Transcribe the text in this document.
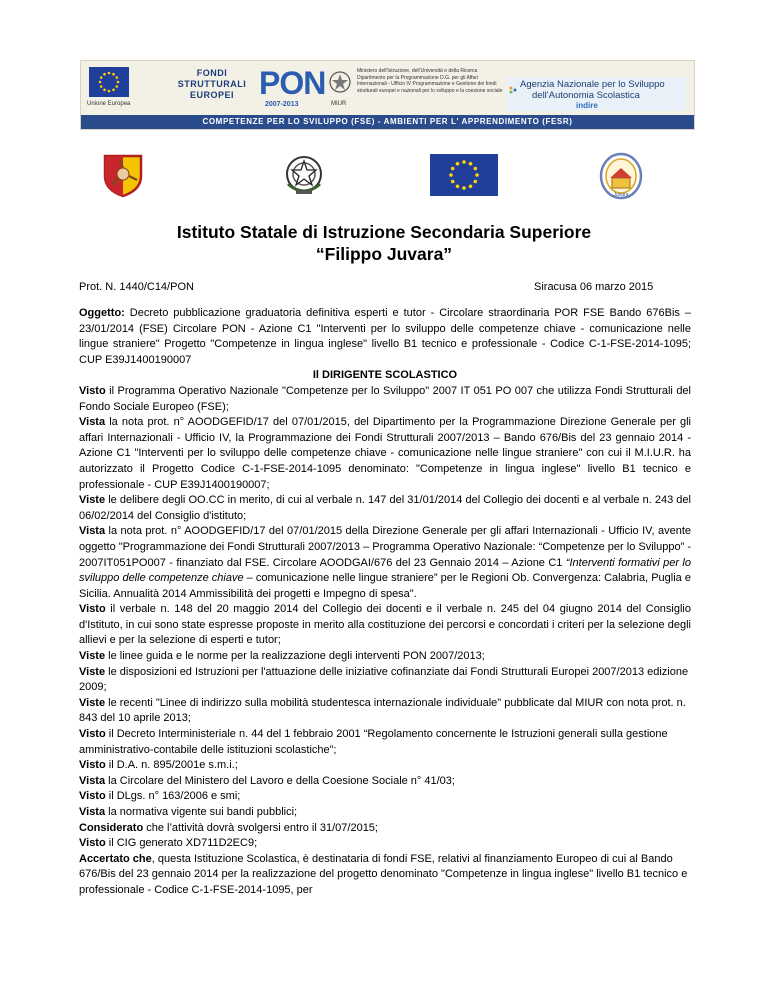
Unione Europea
FONDI
STRUTTURALI
EUROPEI PON
2007-2013	MIUR
Ministero dell'Istruzione, dell'Università e della Ricerca Dipartimento per la Programmazione D.G. per gli Affari Internazionali - Ufficio IV Programmazione e Gestione dei fondi strutturali europei e nazionali per lo sviluppo e la coesione sociale
Agenzia Nazionale per lo Sviluppo
dell'Autonomia Scolastica
indire
COMPETENZE PER LO SVILUPPO (FSE) - AMBIENTI PER L' APPRENDIMENTO (FESR)
Juvara
Istituto Statale di Istruzione Secondaria Superiore
“Filippo Juvara”
Prot. N. 1440/C14/PON	Siracusa 06 marzo 2015

Oggetto: Decreto pubblicazione graduatoria definitiva esperti e tutor - Circolare straordinaria POR FSE Bando 676Bis – 23/01/2014 (FSE) Circolare PON - Azione C1 "Interventi per lo sviluppo delle competenze chiave - comunicazione nelle lingue straniere" Progetto "Competenze in lingua inglese" livello B1 tecnico e professionale - Codice C-1-FSE-2014-1095; CUP E39J1400190007

Il DIRIGENTE SCOLASTICO

Visto il Programma Operativo Nazionale "Competenze per lo Sviluppo" 2007 IT 051 PO 007 che utilizza Fondi Strutturali del Fondo Sociale Europeo (FSE);

Vista la nota prot. n° AOODGEFID/17 del 07/01/2015, del Dipartimento per la Programmazione Direzione Generale per gli affari Internazionali - Ufficio IV, la Programmazione dei Fondi Strutturali 2007/2013 – Bando 676/Bis del 23 gennaio 2014 - Azione C1 "Interventi per lo sviluppo delle competenze chiave - comunicazione nelle lingue straniere" con cui il M.I.U.R. ha autorizzato il Progetto Codice C-1-FSE-2014-1095 denominato: "Competenze in lingua inglese" livello B1 tecnico e professionale - CUP E39J1400190007;

Viste le delibere degli OO.CC in merito, di cui al verbale n. 147 del 31/01/2014 del Collegio dei docenti e al verbale n. 243 del 06/02/2014 del Consiglio d'istituto;

Vista la nota prot. n° AOODGEFID/17 del 07/01/2015 della Direzione Generale per gli affari Internazionali - Ufficio IV, avente oggetto "Programmazione dei Fondi Strutturali 2007/2013 – Programma Operativo Nazionale: “Competenze per lo Sviluppo” - 2007IT051PO007 - finanziato dal FSE. Circolare AOODGAI/676 del 23 Gennaio 2014 – Azione C1 “Interventi formativi per lo sviluppo delle competenze chiave – comunicazione nelle lingue straniere” per le Regioni Ob. Convergenza: Calabria, Puglia e Sicilia. Annualità 2014 Ammissibilità dei progetti e Impegno di spesa".

Visto il verbale n. 148 del 20 maggio 2014 del Collegio dei docenti e il verbale n. 245 del 04 giugno 2014 del Consiglio d'Istituto, in cui sono state espresse proposte in merito alla costituzione dei percorsi e concordati i criteri per la selezione degli allievi e per la selezione di esperti e tutor;

Viste le linee guida e le norme per la realizzazione degli interventi PON 2007/2013;

Viste le disposizioni ed Istruzioni per l'attuazione delle iniziative cofinanziate dai Fondi Strutturali Europei 2007/2013 edizione 2009;

Viste le recenti "Linee di indirizzo sulla mobilità studentesca internazionale individuale" pubblicate dal MIUR con nota prot. n. 843 del 10 aprile 2013;

Visto il Decreto Interministeriale n. 44 del 1 febbraio 2001 “Regolamento concernente le Istruzioni generali sulla gestione amministrativo-contabile delle istituzioni scolastiche”;

Visto il D.A. n. 895/2001e s.m.i.;

Vista la Circolare del Ministero del Lavoro e della Coesione Sociale n° 41/03;

Visto il DLgs. n° 163/2006 e smi;

Vista la normativa vigente sui bandi pubblici;

Considerato che l’attività dovrà svolgersi entro il 31/07/2015;

Visto il CIG generato XD711D2EC9;

Accertato che, questa Istituzione Scolastica, è destinataria di fondi FSE, relativi al finanziamento Europeo di cui al Bando 676/Bis del 23 gennaio 2014 per la realizzazione del progetto denominato "Competenze in lingua inglese" livello B1 tecnico e professionale - Codice C-1-FSE-2014-1095, per
